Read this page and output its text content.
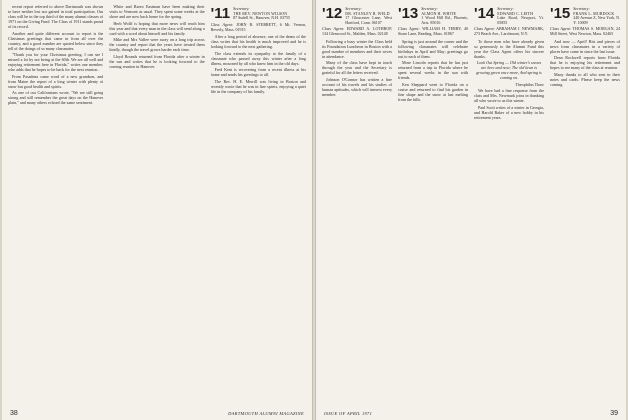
recent report referred to above Dartmouth was shown to have neither lost nor gained in total participation. Our class will be in the top third of the many alumni classes of 1971 on the Giving Fund. The Class of 1911 stands proud of its record.

Another and quite different account to report is the Christmas greetings that came in from all over the country, and a good number are quoted below since they tell of the doings of so many classmates.

"Thank you for your Christmas greeting. I can see I missed a lot by not being at the 60th. We are all well and enjoying retirement here in Florida," writes one member, who adds that he hopes to be back for the next reunion.

From Pasadena came word of a new grandson, and from Maine the report of a long winter with plenty of snow but good health and spirits.

As one of our Californians wrote, "We are still going strong and still remember the great days on the Hanover plain," and many others echoed the same sentiment.

White and Rareo Eastman have been making their visits to Vermont as usual. They spent some weeks at the shore and are now back home for the spring.

Herb Wolff is hoping that more news will reach him this year and that every man in the class will send along a card with a word about himself and his family.

Mike and Mrs Vallee were away on a long trip across the country and report that the years have treated them kindly, though the travel grows harder each time.

Lloyd Rounds returned from Florida after a winter in the sun and writes that he is looking forward to the coming reunion in Hanover.

'11 Secretary:
THE REV. NEWTON WILSON
87 Sudell St., Hanover, N.H. 03755
Class Agent: JOHN R. STERRETT, 6 Mt. Vernon, Beverly, Mass. 01915

After a long period of absence, one of the deans of the class writes that his health is much improved and he is looking forward to the next gathering.

The class extends its sympathy to the family of a classmate who passed away this winter after a long illness, mourned by all who knew him in the old days.

Fred Kent is recovering from a recent illness at his home and sends his greetings to all.

The Rev. H. E. Merrill was living in Boston and recently wrote that he was in fine spirits, enjoying a quiet life in the company of his family.

38	DARTMOUTH ALUMNI MAGAZINE
'12 Secretary:
DR. STANLEY B. WELD
17 Gloucester Lane, West Hartford, Conn. 06107
Class Agent: EDWARD A. LOTHROP, 134 Glenwood St., Malden, Mass. 02148

Following a busy winter the Class held its Foundation Luncheon in Boston with a good number of members and their wives in attendance.

Many of the class have kept in touch through the year and the Secretary is grateful for all the letters received.

Johnson O'Connor has written a fine account of his travels and his studies of human aptitudes, which will interest every member.

'13 Secretary:
ALMON H. WHITE
1 Wood Hill Rd., Phoenix, Ariz. 85016
Class Agent: WILLIAM H. TERRY, 40 Stone Lane, Reading, Mass. 01867

Spring is just around the corner and the following classmates will celebrate birthdays in April and May; greetings go out to each of them.

Mose Lincoln reports that he has just returned from a trip to Florida where he spent several weeks in the sun with friends.

Ken Sheppard went to Florida on a cruise and returned to find his garden in fine shape and the snow at last melting from the hills.

'14 Secretary:
EDWARD C. LEITH
Lake Road, Newport, Vt. 05855
Class Agent: ABRAHAM J. NEWMARK, 273 Beach Ave., Larchmont, N.Y.

To those men who have already given so generously to the Alumni Fund this year the Class Agent offers his sincere thanks.

Look Out Spring — Old winter's snows are here and now; The old lawn is growing green once more, And spring is coming on.

Theophilus Thaw

We have had a fine response from the class and Mrs. Newmark joins in thanking all who wrote to us this winter.

Paul Scott writes of a winter in Georgia, and Harold Baker of a new hobby in his retirement years.

'15 Secretary:
FRANK L. MURDOCK
240 Avenue Z, New York, N. Y. 10009
Class Agent: THOMAS S. MORGAN, 24 Mill Street, West Newton, Mass. 02465

And now — April! Bits and pieces of news from classmates in a variety of places have come in since the last issue.

Dean Rockwell reports from Florida that he is enjoying his retirement and hopes to see many of the class at reunion.

Many thanks to all who sent in their notes and cards. Please keep the news coming.

ISSUE OF APRIL 1971	39
